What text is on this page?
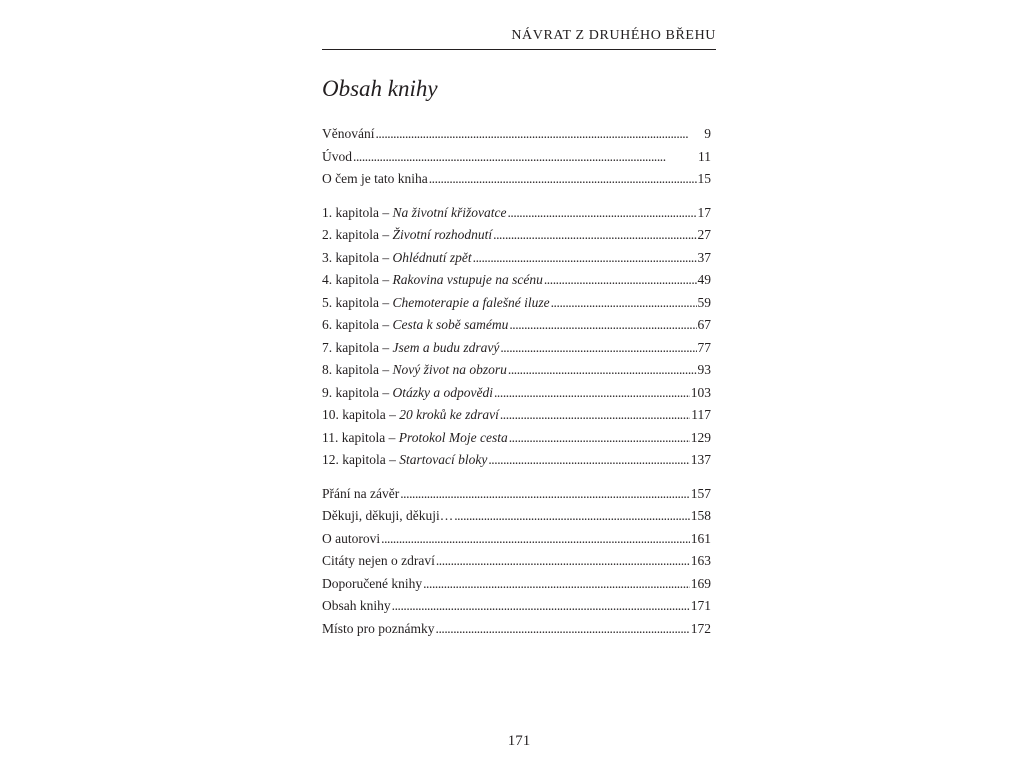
NÁVRAT Z DRUHÉHO BŘEHU
Obsah knihy
Věnování . . .	9
Úvod . . .	11
O čem je tato kniha . . .	15
1. kapitola – Na životní křižovatce . . .	17
2. kapitola – Životní rozhodnutí . . .	27
3. kapitola – Ohlédnutí zpět . . .	37
4. kapitola – Rakovina vstupuje na scénu . . .	49
5. kapitola – Chemoterapie a falešné iluze . . .	59
6. kapitola – Cesta k sobě samému . . .	67
7. kapitola – Jsem a budu zdravý . . .	77
8. kapitola – Nový život na obzoru . . .	93
9. kapitola – Otázky a odpovědi . . .	103
10. kapitola – 20 kroků ke zdraví . . .	117
11. kapitola – Protokol Moje cesta . . .	129
12. kapitola – Startovací bloky . . .	137
Přání na závěr . . .	157
Děkuji, děkuji, děkuji… . . .	158
O autorovi . . .	161
Citáty nejen o zdraví . . .	163
Doporučené knihy . . .	169
Obsah knihy . . .	171
Místo pro poznámky . . .	172
171
